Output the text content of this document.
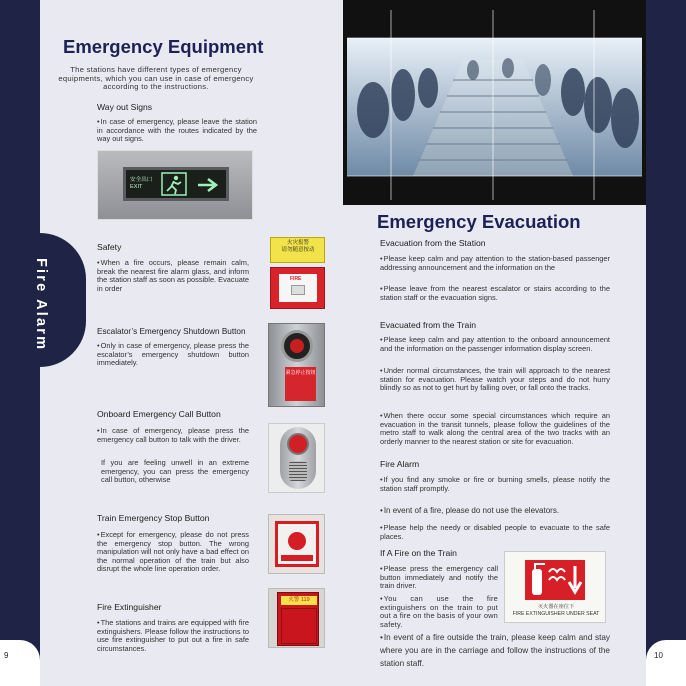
9	10
Emergency Equipment
The stations have different types of emergency equipments, which you can use in case of emergency according to the instructions.
Way out Signs
• In case of emergency, please leave the station in accordance with the routes indicated by the way out signs.
安全出口
EXIT
Fire Alarm
Safety
• When a fire occurs, please remain calm, break the nearest fire alarm glass, and inform the station staff as soon as possible. Evacuate in order
火灾报警
请勿随意按动
FIRE
Escalator’s Emergency Shutdown Button
• Only in case of emergency, please press the escalator’s emergency shutdown button immediately.
紧急停止按钮
Onboard Emergency Call Button
• In case of emergency, please press the emergency call button to talk with the driver.
If you are feeling unwell in an extreme emergency, you can press the emergency call button, otherwise
Train Emergency Stop Button
• Except for emergency, please do not press the emergency stop button. The wrong manipulation will not only have a bad effect on the normal operation of the train but also disrupt the whole line operation order.
Fire Extinguisher
• The stations and trains are equipped with fire extinguishers. Please follow the instructions to use fire extinguisher to put out a fire in safe circumstances.
火警 119
Emergency Evacuation
Evacuation from the Station
• Please keep calm and pay attention to the station-based passenger addressing announcement and the information on the
• Please leave from the nearest escalator or stairs according to the station staff or the evacuation signs.
Evacuated from the Train
• Please keep calm and pay attention to the onboard announcement and the information on the passenger information display screen.
• Under normal circumstances, the train will approach to the nearest station for evacuation. Please watch your steps and do not hurry blindly so as not to get hurt by falling over, or fall onto the tracks.
• When there occur some special circumstances which require an evacuation in the transit tunnels, please follow the guidelines of the metro staff to walk along the central area of the two tracks with an orderly manner to the nearest station or site for evacuation.
Fire Alarm
• If you find any smoke or fire or burning smells, please notify the station staff promptly.
• In event of a fire, please do not use the elevators.
• Please help the needy or disabled people to evacuate to the safe places.
If A Fire on the Train
• Please press the emergency call button immediately and notify the train driver.
• You can use the fire extinguishers on the train to put out a fire on the basis of your own safety.
• In event of a fire outside the train, please keep calm and stay where you are in the carriage and follow the instructions of the station staff.
灭火器在座位下
FIRE EXTINGUISHER UNDER SEAT
